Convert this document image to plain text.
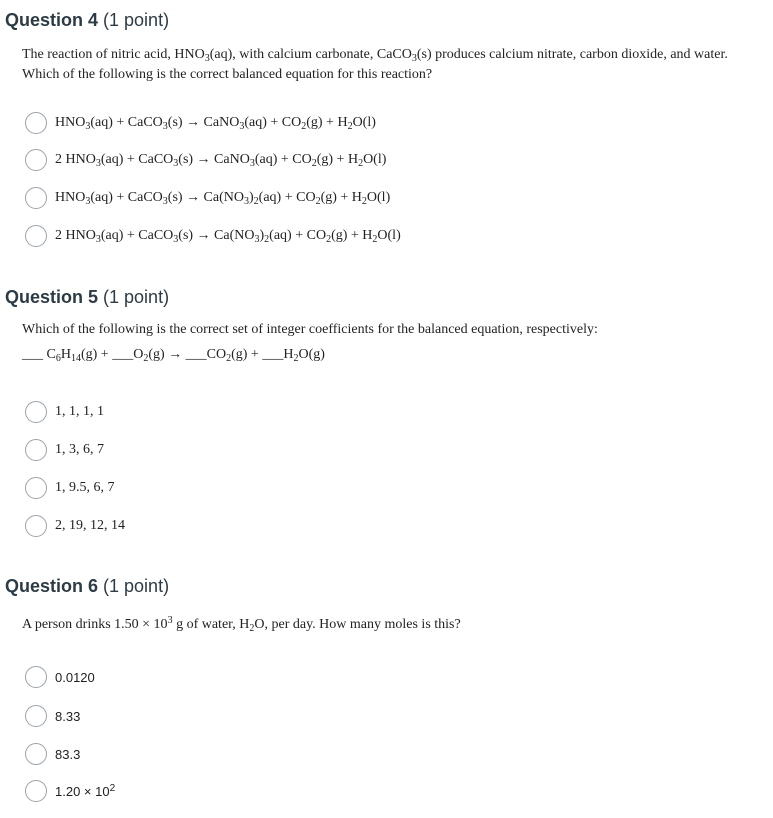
Question 4 (1 point)

The reaction of nitric acid, $HNO_3(aq)$, with calcium carbonate, CaCO$_3$(s) produces calcium nitrate, carbon dioxide, and water. Which of the following is the correct balanced equation for this reaction?

$HNO_3(aq)$ + CaCO$_3$(s) → CaNO$_3$(aq) + $CO_2(g) + H_2O(l)$
2 $HNO_3(aq)$ + CaCO$_3$(s) → CaNO$_3$(aq) + $CO_2(g) + H_2O(l)$
$HNO_3(aq)$ + CaCO$_3$(s) → $Ca(NO_3)_2(aq) + CO_2(g) + H_2O(l)$
2 $HNO_3(aq)$ + CaCO$_3$(s) → $Ca(NO_3)_2(aq) + CO_2(g) + H_2O(l)$
Question 5 (1 point)

Which of the following is the correct set of integer coefficients for the balanced equation, respectively:

___ $C_6H_{14}(g)$ + $\_\_\_O_2(g)$ → $\_\_\_CO_2(g)$ + $\_\_\_H_2O(g)$

1, 1, 1, 1
1, 3, 6, 7
1, 9.5, 6, 7
2, 19, 12, 14
Question 6 (1 point)

A person drinks $1.50 \times 10^3$ g of water, $H_2O$, per day. How many moles is this?

0.0120
8.33
83.3
$1.20 \times 10^2$
